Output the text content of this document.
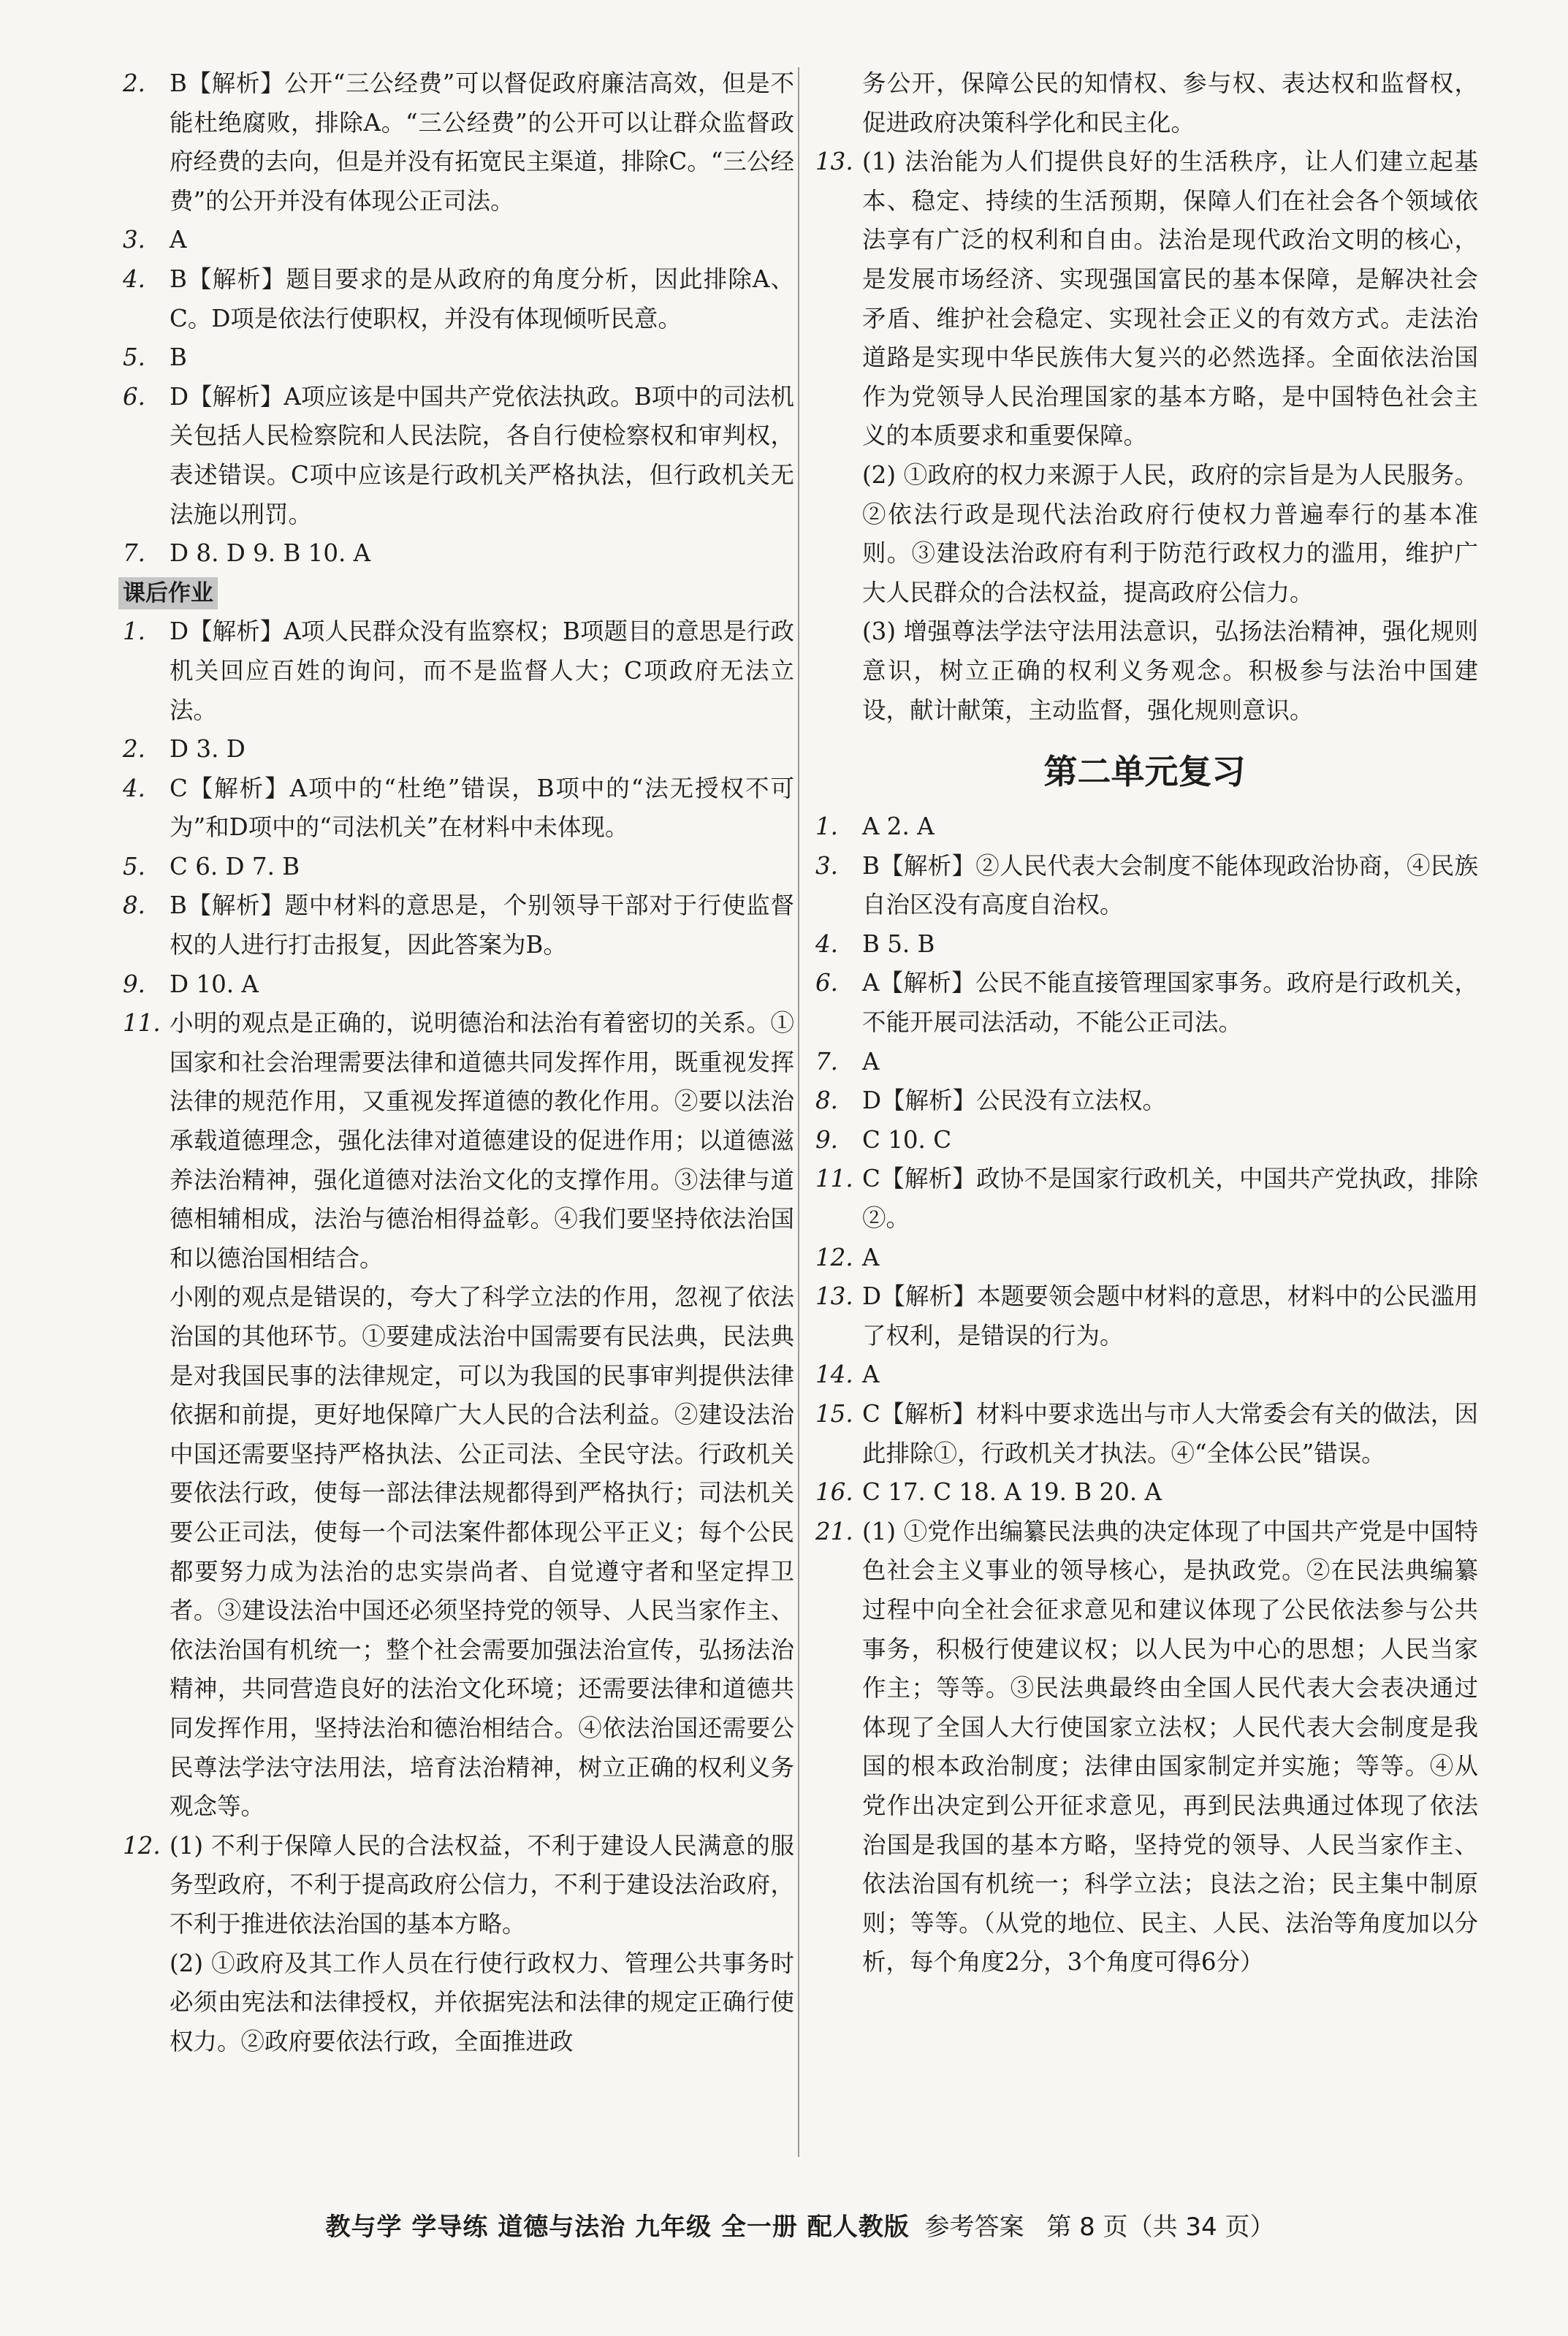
2. B【解析】公开“三公经费”可以督促政府廉洁高效，但是不能杜绝腐败，排除A。“三公经费”的公开可以让群众监督政府经费的去向，但是并没有拓宽民主渠道，排除C。“三公经费”的公开并没有体现公正司法。
3. A
4. B【解析】题目要求的是从政府的角度分析，因此排除A、C。D项是依法行使职权，并没有体现倾听民意。
5. B
6. D【解析】A项应该是中国共产党依法执政。B项中的司法机关包括人民检察院和人民法院，各自行使检察权和审判权，表述错误。C项中应该是行政机关严格执法，但行政机关无法施以刑罚。
7. D 8. D 9. B 10. A
课后作业
1. D【解析】A项人民群众没有监察权；B项题目的意思是行政机关回应百姓的询问，而不是监督人大；C项政府无法立法。
2. D 3. D
4. C【解析】A项中的“杜绝”错误，B项中的“法无授权不可为”和D项中的“司法机关”在材料中未体现。
5. C 6. D 7. B
8. B【解析】题中材料的意思是，个别领导干部对于行使监督权的人进行打击报复，因此答案为B。
9. D 10. A
11. 小明的观点是正确的，说明德治和法治有着密切的关系。①国家和社会治理需要法律和道德共同发挥作用，既重视发挥法律的规范作用，又重视发挥道德的教化作用。②要以法治承载道德理念，强化法律对道德建设的促进作用；以道德滋养法治精神，强化道德对法治文化的支撑作用。③法律与道德相辅相成，法治与德治相得益彰。④我们要坚持依法治国和以德治国相结合。
小刚的观点是错误的，夸大了科学立法的作用，忽视了依法治国的其他环节。①要建成法治中国需要有民法典，民法典是对我国民事的法律规定，可以为我国的民事审判提供法律依据和前提，更好地保障广大人民的合法利益。②建设法治中国还需要坚持严格执法、公正司法、全民守法。行政机关要依法行政，使每一部法律法规都得到严格执行；司法机关要公正司法，使每一个司法案件都体现公平正义；每个公民都要努力成为法治的忠实崇尚者、自觉遵守者和坚定捍卫者。③建设法治中国还必须坚持党的领导、人民当家作主、依法治国有机统一；整个社会需要加强法治宣传，弘扬法治精神，共同营造良好的法治文化环境；还需要法律和道德共同发挥作用，坚持法治和德治相结合。④依法治国还需要公民尊法学法守法用法，培育法治精神，树立正确的权利义务观念等。
12. (1) 不利于保障人民的合法权益，不利于建设人民满意的服务型政府，不利于提高政府公信力，不利于建设法治政府，不利于推进依法治国的基本方略。
(2) ①政府及其工作人员在行使行政权力、管理公共事务时必须由宪法和法律授权，并依据宪法和法律的规定正确行使权力。②政府要依法行政，全面推进政
务公开，保障公民的知情权、参与权、表达权和监督权，促进政府决策科学化和民主化。
13. (1) 法治能为人们提供良好的生活秩序，让人们建立起基本、稳定、持续的生活预期，保障人们在社会各个领域依法享有广泛的权利和自由。法治是现代政治文明的核心，是发展市场经济、实现强国富民的基本保障，是解决社会矛盾、维护社会稳定、实现社会正义的有效方式。走法治道路是实现中华民族伟大复兴的必然选择。全面依法治国作为党领导人民治理国家的基本方略，是中国特色社会主义的本质要求和重要保障。
(2) ①政府的权力来源于人民，政府的宗旨是为人民服务。②依法行政是现代法治政府行使权力普遍奉行的基本准则。③建设法治政府有利于防范行政权力的滥用，维护广大人民群众的合法权益，提高政府公信力。
(3) 增强尊法学法守法用法意识，弘扬法治精神，强化规则意识，树立正确的权利义务观念。积极参与法治中国建设，献计献策，主动监督，强化规则意识。
第二单元复习
1. A 2. A
3. B【解析】②人民代表大会制度不能体现政治协商，④民族自治区没有高度自治权。
4. B 5. B
6. A【解析】公民不能直接管理国家事务。政府是行政机关，不能开展司法活动，不能公正司法。
7. A
8. D【解析】公民没有立法权。
9. C 10. C
11. C【解析】政协不是国家行政机关，中国共产党执政，排除②。
12. A
13. D【解析】本题要领会题中材料的意思，材料中的公民滥用了权利，是错误的行为。
14. A
15. C【解析】材料中要求选出与市人大常委会有关的做法，因此排除①，行政机关才执法。④“全体公民”错误。
16. C 17. C 18. A 19. B 20. A
21. (1) ①党作出编纂民法典的决定体现了中国共产党是中国特色社会主义事业的领导核心，是执政党。②在民法典编纂过程中向全社会征求意见和建议体现了公民依法参与公共事务，积极行使建议权；以人民为中心的思想；人民当家作主；等等。③民法典最终由全国人民代表大会表决通过体现了全国人大行使国家立法权；人民代表大会制度是我国的根本政治制度；法律由国家制定并实施；等等。④从党作出决定到公开征求意见，再到民法典通过体现了依法治国是我国的基本方略，坚持党的领导、人民当家作主、依法治国有机统一；科学立法；良法之治；民主集中制原则；等等。（从党的地位、民主、人民、法治等角度加以分析，每个角度2分，3个角度可得6分）
教与学 学导练 道德与法治 九年级 全一册 配人教版 参考答案 第 8 页（共 34 页）
